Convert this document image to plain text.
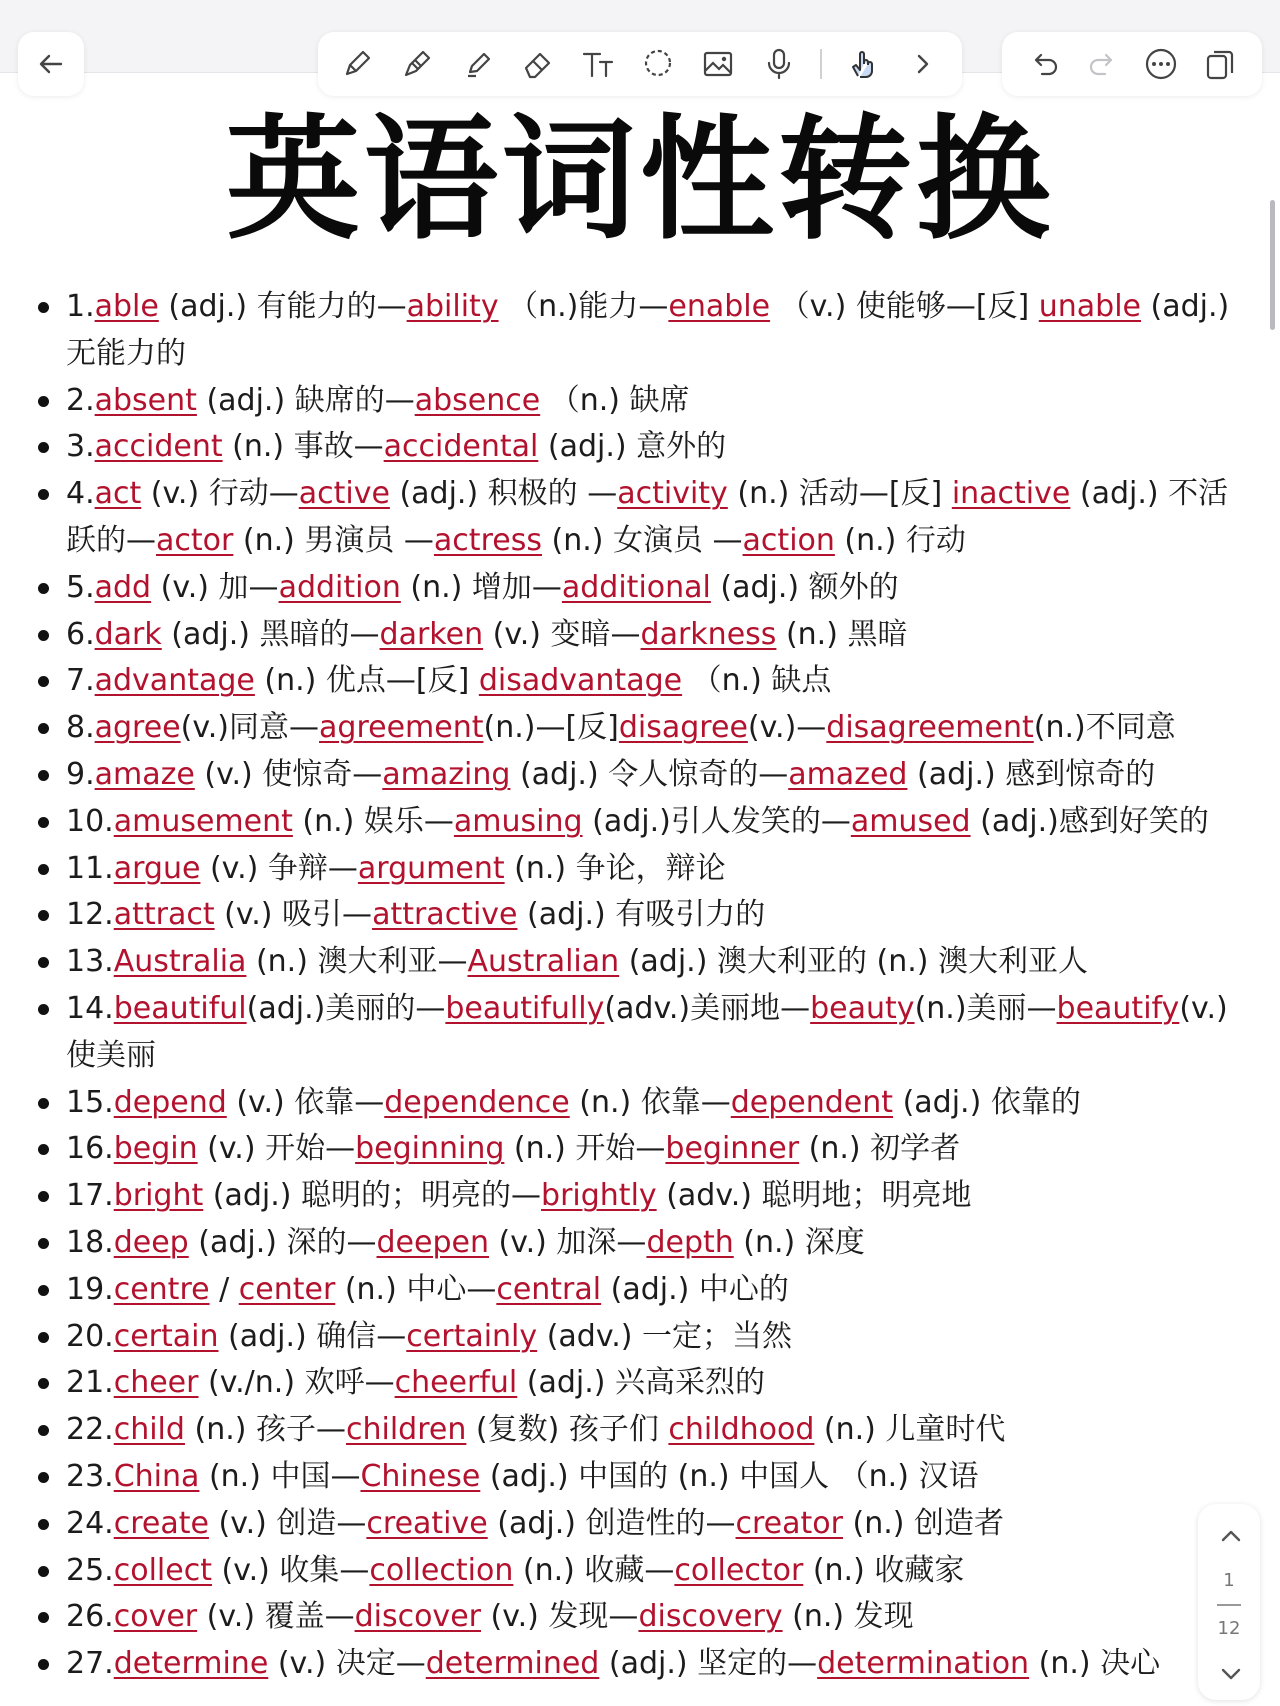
英语词性转换
1.able (adj.) 有能力的—ability （n.)能力—enable （v.) 使能够—[反] unable (adj.)无能力的
2.absent (adj.) 缺席的—absence （n.) 缺席
3.accident (n.) 事故—accidental (adj.) 意外的
4.act (v.) 行动—active (adj.) 积极的 —activity (n.) 活动—[反] inactive (adj.) 不活跃的—actor (n.) 男演员 —actress (n.) 女演员 —action (n.) 行动
5.add (v.) 加—addition (n.) 增加—additional (adj.) 额外的
6.dark (adj.) 黑暗的—darken (v.) 变暗—darkness (n.) 黑暗
7.advantage (n.) 优点—[反] disadvantage （n.) 缺点
8.agree(v.)同意—agreement(n.)—[反]disagree(v.)—disagreement(n.)不同意
9.amaze (v.) 使惊奇—amazing (adj.) 令人惊奇的—amazed (adj.) 感到惊奇的
10.amusement (n.) 娱乐—amusing (adj.)引人发笑的—amused (adj.)感到好笑的
11.argue (v.) 争辩—argument (n.) 争论，辩论
12.attract (v.) 吸引—attractive (adj.) 有吸引力的
13.Australia (n.) 澳大利亚—Australian (adj.) 澳大利亚的 (n.) 澳大利亚人
14.beautiful(adj.)美丽的—beautifully(adv.)美丽地—beauty(n.)美丽—beautify(v.)使美丽
15.depend (v.) 依靠—dependence (n.) 依靠—dependent (adj.) 依靠的
16.begin (v.) 开始—beginning (n.) 开始—beginner (n.) 初学者
17.bright (adj.) 聪明的；明亮的—brightly (adv.) 聪明地；明亮地
18.deep (adj.) 深的—deepen (v.) 加深—depth (n.) 深度
19.centre / center (n.) 中心—central (adj.) 中心的
20.certain (adj.) 确信—certainly (adv.) 一定；当然
21.cheer (v./n.) 欢呼—cheerful (adj.) 兴高采烈的
22.child (n.) 孩子—children (复数) 孩子们 childhood (n.) 儿童时代
23.China (n.) 中国—Chinese (adj.) 中国的 (n.) 中国人 （n.) 汉语
24.create (v.) 创造—creative (adj.) 创造性的—creator (n.) 创造者
25.collect (v.) 收集—collection (n.) 收藏—collector (n.) 收藏家
26.cover (v.) 覆盖—discover (v.) 发现—discovery (n.) 发现
27.determine (v.) 决定—determined (adj.) 坚定的—determination (n.) 决心
1
12
